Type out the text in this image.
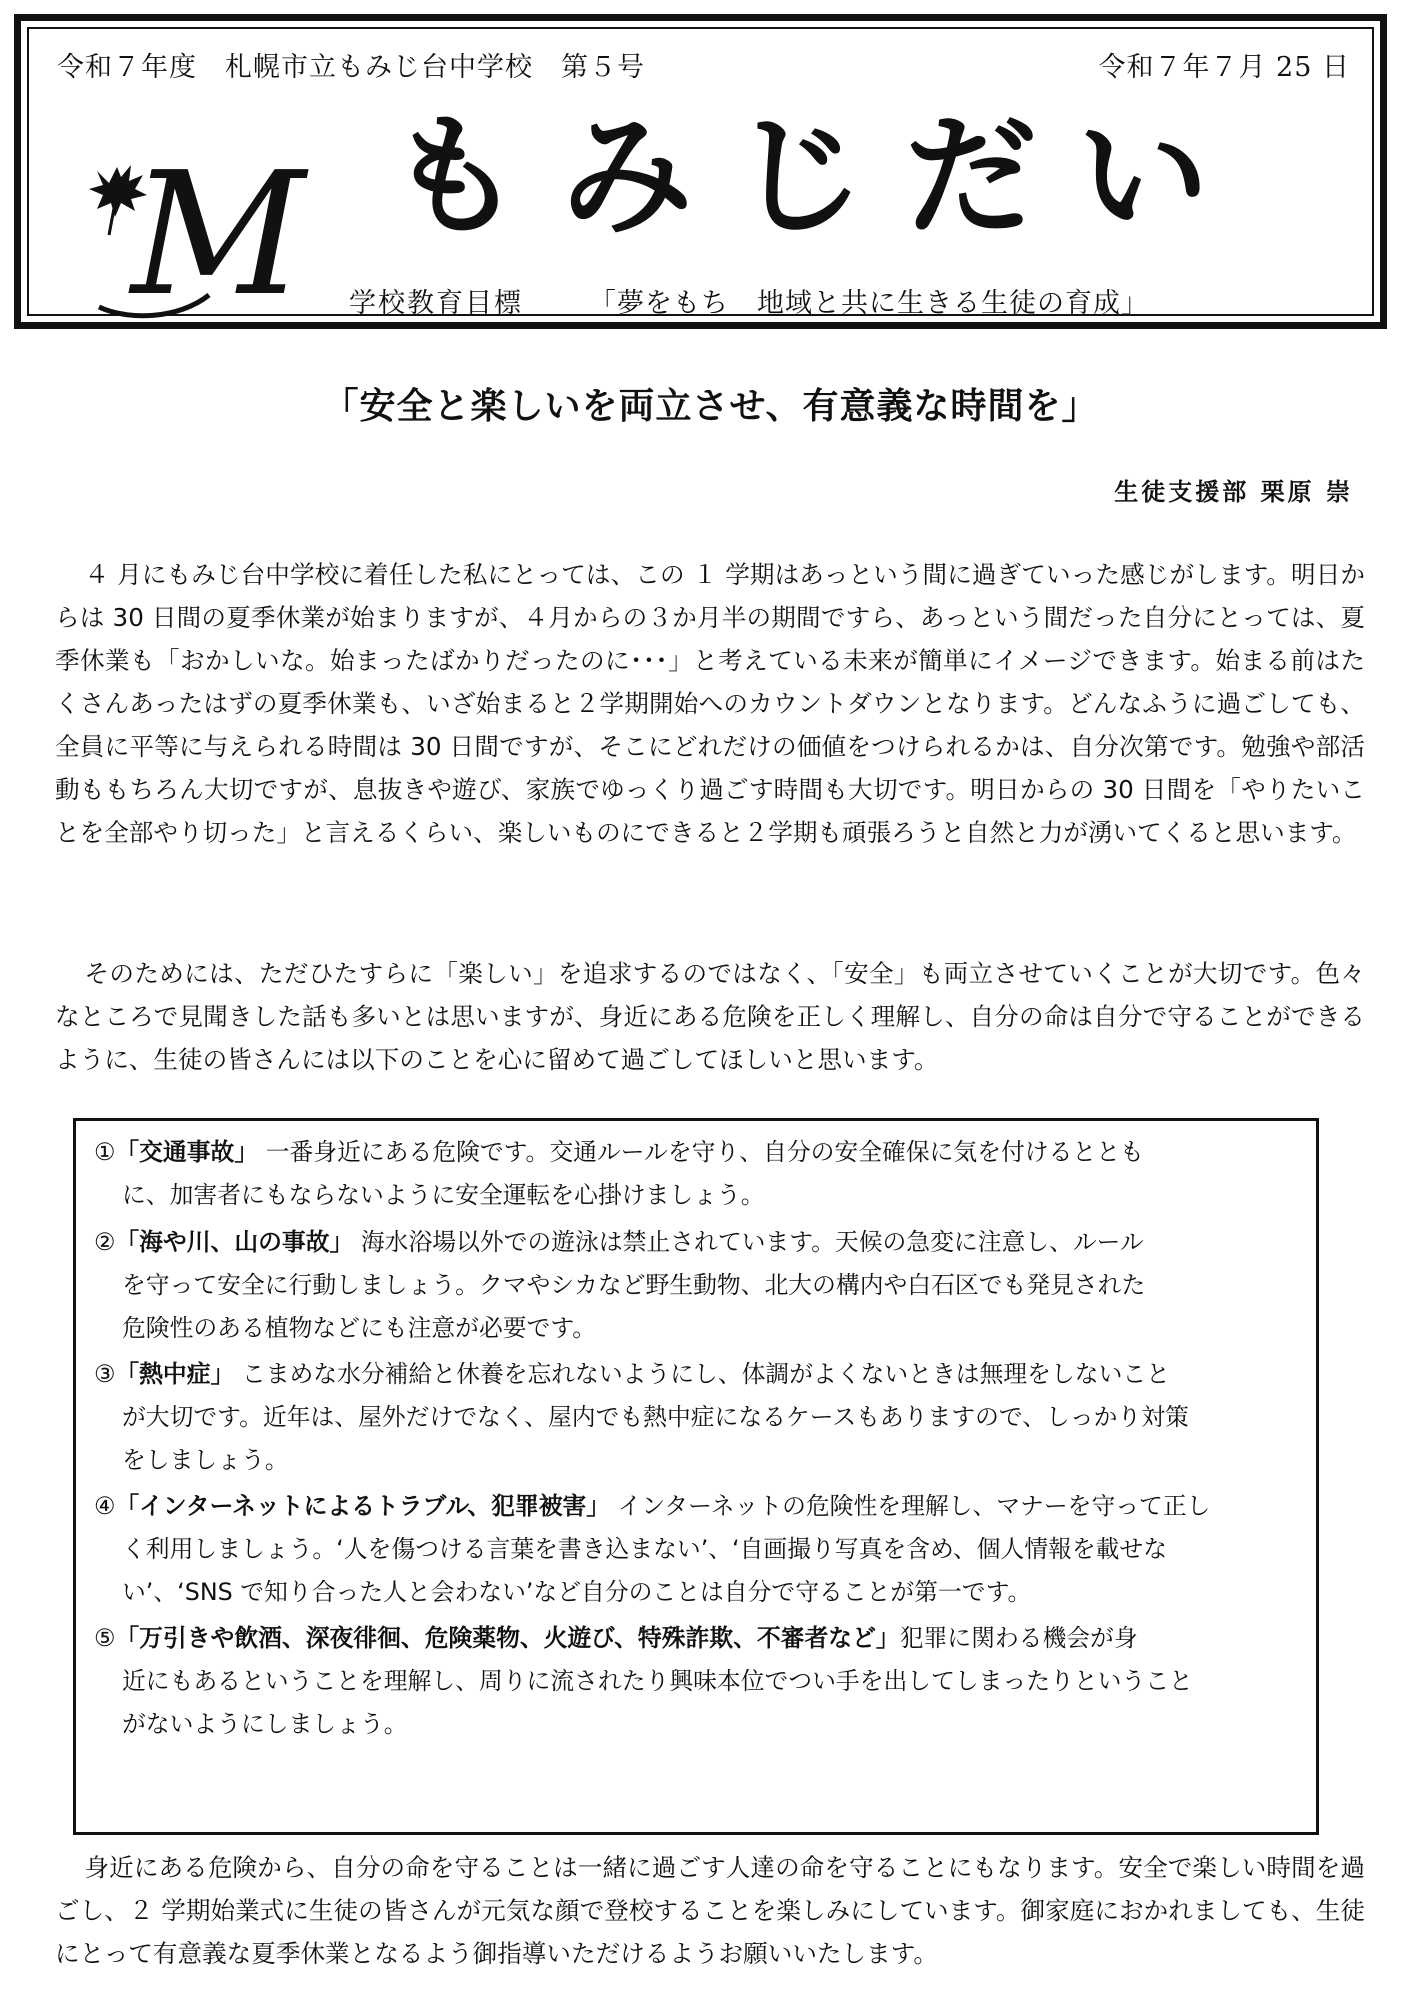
令和７年度　札幌市立もみじ台中学校　第５号	令和７年７月 25 日
M もみじだい
学校教育目標 「夢をもち　地域と共に生きる生徒の育成」
「安全と楽しいを両立させ、有意義な時間を」
生徒支援部 栗原 崇

４ 月にもみじ台中学校に着任した私にとっては、この １ 学期はあっという間に過ぎていった感じがします。明日からは 30 日間の夏季休業が始まりますが、４月からの３か月半の期間ですら、あっという間だった自分にとっては、夏季休業も「おかしいな。始まったばかりだったのに･･･」と考えている未来が簡単にイメージできます。始まる前はたくさんあったはずの夏季休業も、いざ始まると２学期開始へのカウントダウンとなります。どんなふうに過ごしても、全員に平等に与えられる時間は 30 日間ですが、そこにどれだけの価値をつけられるかは、自分次第です。勉強や部活動ももちろん大切ですが、息抜きや遊び、家族でゆっくり過ごす時間も大切です。明日からの 30 日間を「やりたいことを全部やり切った」と言えるくらい、楽しいものにできると２学期も頑張ろうと自然と力が湧いてくると思います。

そのためには、ただひたすらに「楽しい」を追求するのではなく、「安全」も両立させていくことが大切です。色々なところで見聞きした話も多いとは思いますが、身近にある危険を正しく理解し、自分の命は自分で守ることができるように、生徒の皆さんには以下のことを心に留めて過ごしてほしいと思います。

①「交通事故」 一番身近にある危険です。交通ルールを守り、自分の安全確保に気を付けるととも

に、加害者にもならないように安全運転を心掛けましょう。

②「海や川、山の事故」 海水浴場以外での遊泳は禁止されています。天候の急変に注意し、ルール

を守って安全に行動しましょう。クマやシカなど野生動物、北大の構内や白石区でも発見された

危険性のある植物などにも注意が必要です。

③「熱中症」 こまめな水分補給と休養を忘れないようにし、体調がよくないときは無理をしないこと

が大切です。近年は、屋外だけでなく、屋内でも熱中症になるケースもありますので、しっかり対策

をしましょう。

④「インターネットによるトラブル、犯罪被害」 インターネットの危険性を理解し、マナーを守って正し

く利用しましょう。‘人を傷つける言葉を書き込まない’、‘自画撮り写真を含め、個人情報を載せな

い’、‘SNS で知り合った人と会わない’など自分のことは自分で守ることが第一です。

⑤「万引きや飲酒、深夜徘徊、危険薬物、火遊び、特殊詐欺、不審者など」犯罪に関わる機会が身

近にもあるということを理解し、周りに流されたり興味本位でつい手を出してしまったりということ

がないようにしましょう。

身近にある危険から、自分の命を守ることは一緒に過ごす人達の命を守ることにもなります。安全で楽しい時間を過ごし、２ 学期始業式に生徒の皆さんが元気な顔で登校することを楽しみにしています。御家庭におかれましても、生徒にとって有意義な夏季休業となるよう御指導いただけるようお願いいたします。
